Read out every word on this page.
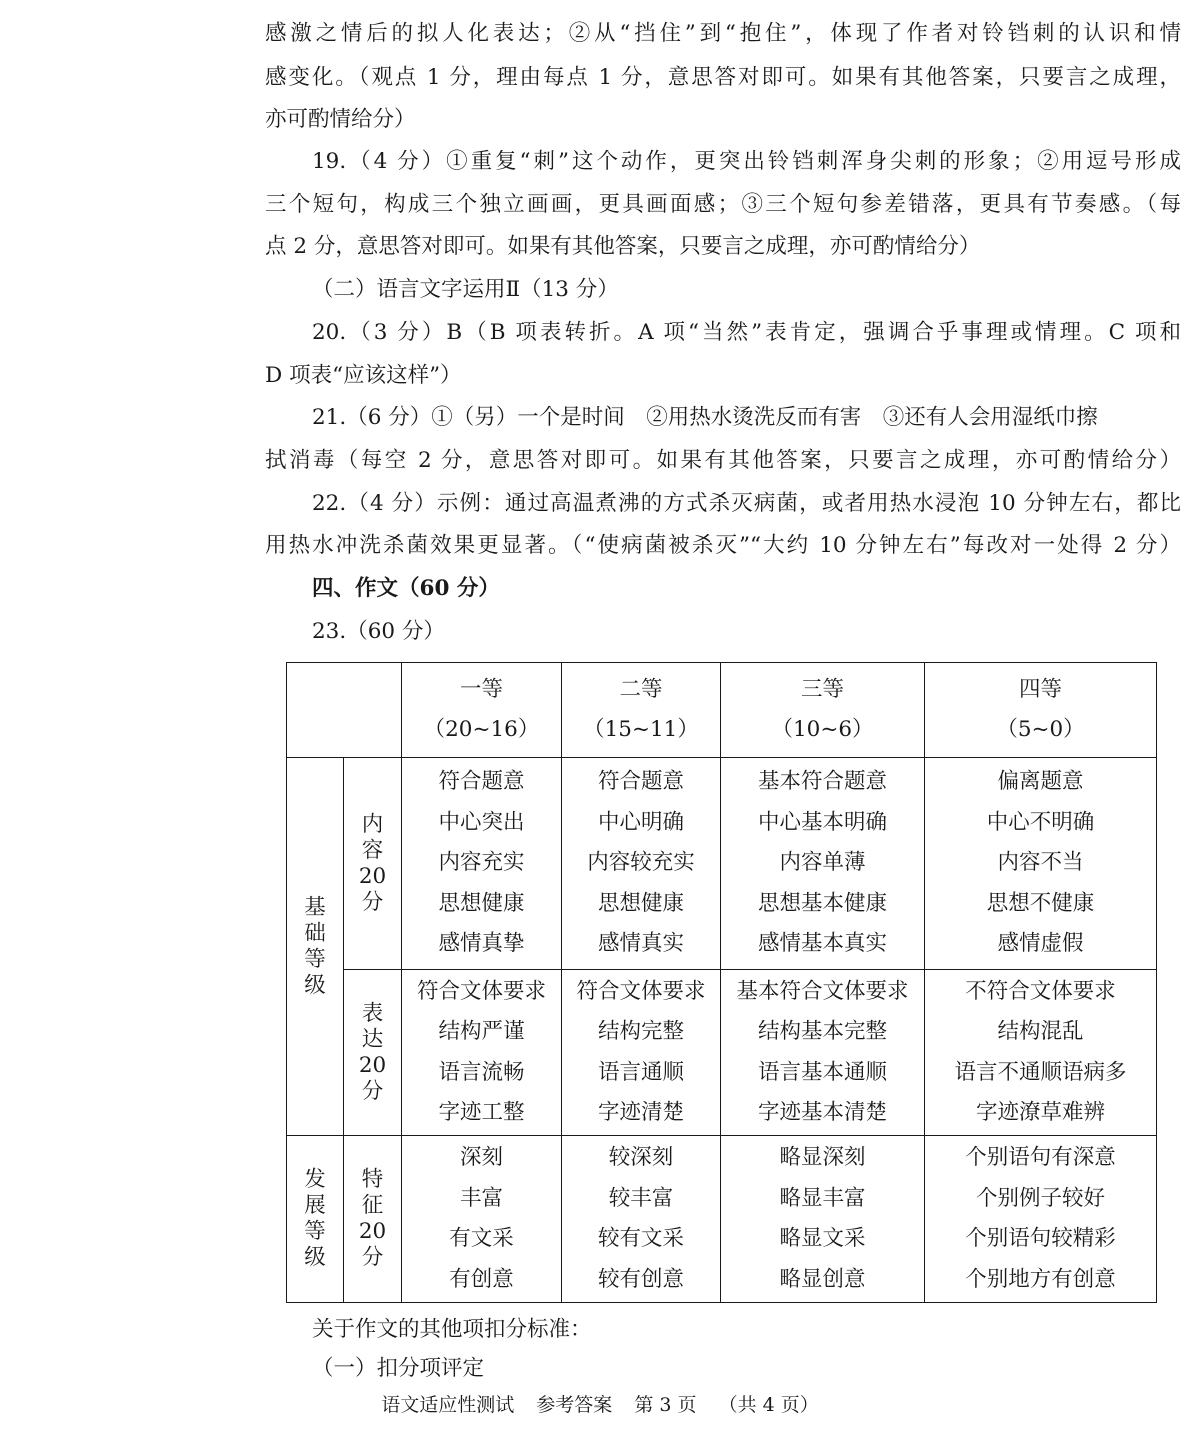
感激之情后的拟人化表达；②从“挡住”到“抱住”，体现了作者对铃铛刺的认识和情
感变化。（观点 1 分，理由每点 1 分，意思答对即可。如果有其他答案，只要言之成理，
亦可酌情给分）
19.（4 分）①重复“刺”这个动作，更突出铃铛刺浑身尖刺的形象；②用逗号形成
三个短句，构成三个独立画画，更具画面感；③三个短句参差错落，更具有节奏感。（每
点 2 分，意思答对即可。如果有其他答案，只要言之成理，亦可酌情给分）
（二）语言文字运用Ⅱ（13 分）
20.（3 分）B（B 项表转折。A 项“当然”表肯定，强调合乎事理或情理。C 项和
D 项表“应该这样”）
21.（6 分）①（另）一个是时间　②用热水烫洗反而有害　③还有人会用湿纸巾擦
拭消毒（每空 2 分，意思答对即可。如果有其他答案，只要言之成理，亦可酌情给分）
22.（4 分）示例：通过高温煮沸的方式杀灭病菌，或者用热水浸泡 10 分钟左右，都比
用热水冲洗杀菌效果更显著。（“使病菌被杀灭”“大约 10 分钟左右”每改对一处得 2 分）
四、作文（60 分）
23.（60 分）

		一等
（20~16）	二等
（15~11）	三等
（10~6）	四等
（5~0）

基
础
等
级	内
容
20
分	符合题意
中心突出
内容充实
思想健康
感情真挚	符合题意
中心明确
内容较充实
思想健康
感情真实	基本符合题意
中心基本明确
内容单薄
思想基本健康
感情基本真实	偏离题意
中心不明确
内容不当
思想不健康
感情虚假

	表
达
20
分	符合文体要求
结构严谨
语言流畅
字迹工整	符合文体要求
结构完整
语言通顺
字迹清楚	基本符合文体要求
结构基本完整
语言基本通顺
字迹基本清楚	不符合文体要求
结构混乱
语言不通顺语病多
字迹潦草难辨

发
展
等
级	特
征
20
分	深刻
丰富
有文采
有创意	较深刻
较丰富
较有文采
较有创意	略显深刻
略显丰富
略显文采
略显创意	个别语句有深意
个别例子较好
个别语句较精彩
个别地方有创意
关于作文的其他项扣分标准：
（一）扣分项评定
语文适应性测试 参考答案 第 3 页 （共 4 页）
